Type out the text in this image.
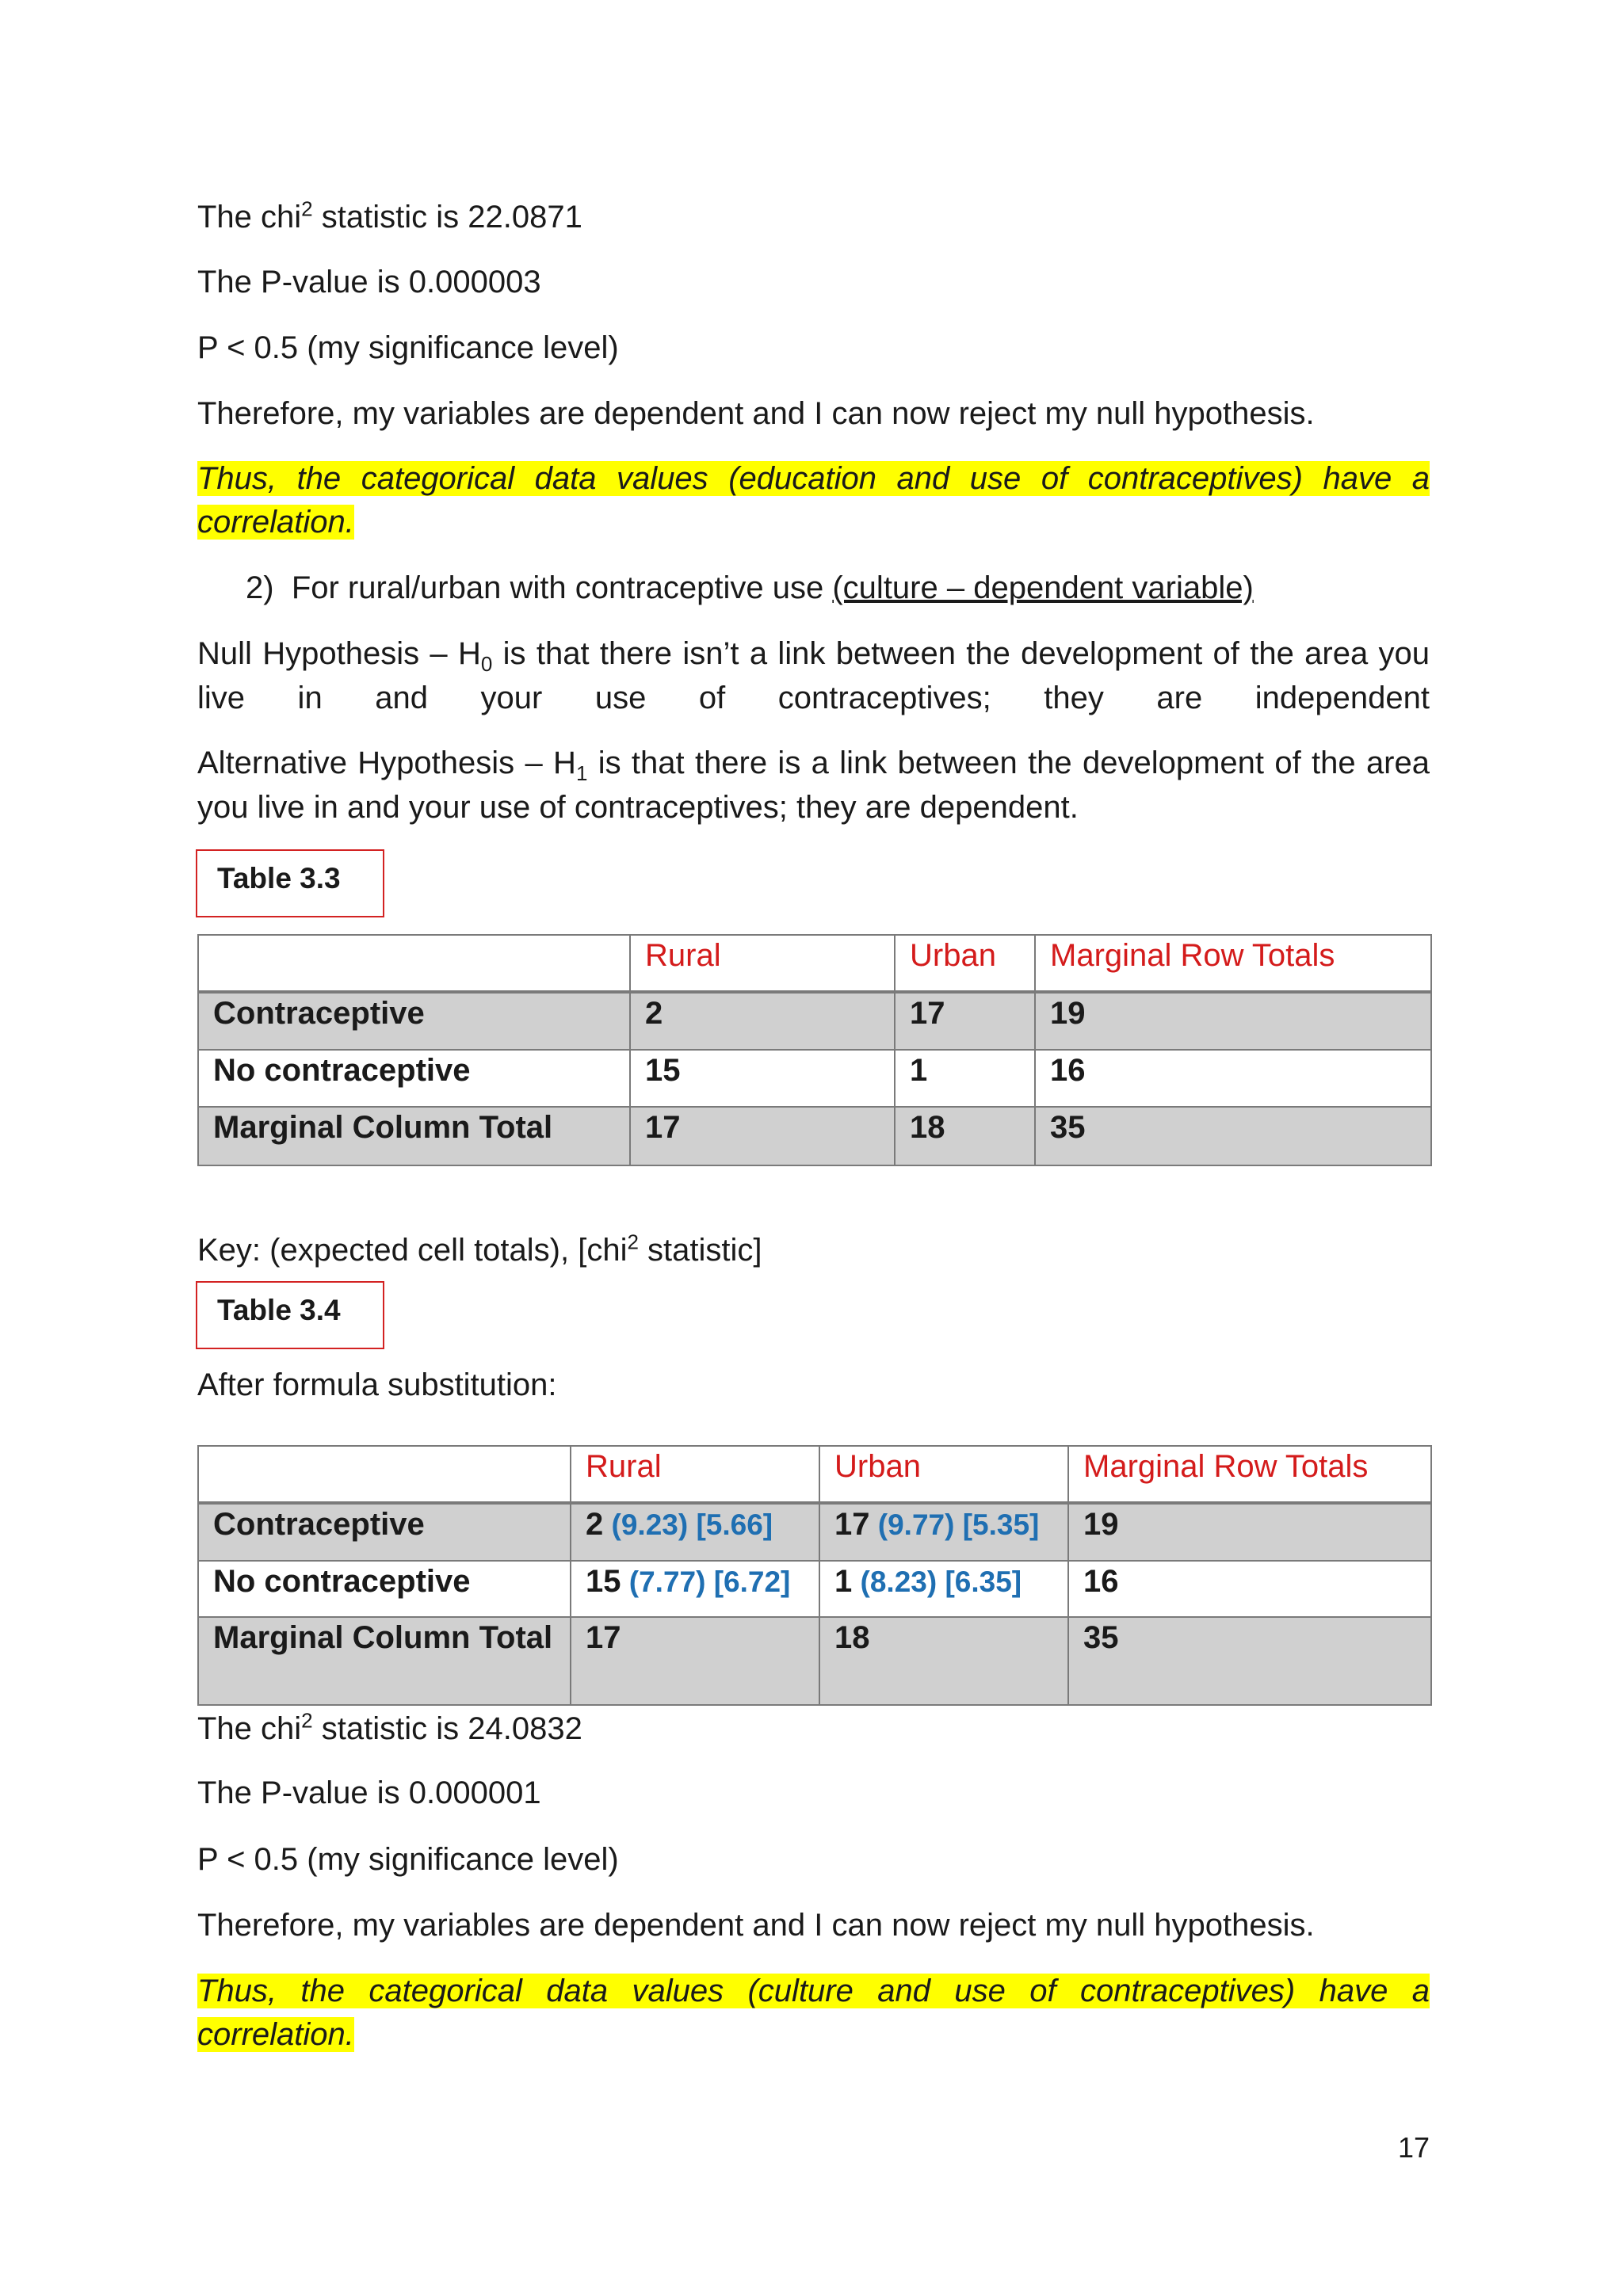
The chi$^2$ statistic is 22.0871

The P-value is 0.000003

P < 0.5 (my significance level)

Therefore, my variables are dependent and I can now reject my null hypothesis.

Thus, the categorical data values (education and use of contraceptives) have a

correlation.

2) For rural/urban with contraceptive use (culture – dependent variable)

Null Hypothesis – $H_0$ is that there isn’t a link between the development of the area you live in and your use of contraceptives; they are independent

Alternative Hypothesis – $H_1$ is that there is a link between the development of the area you live in and your use of contraceptives; they are dependent.

Table 3.3
	Rural	Urban	Marginal Row Totals
Contraceptive	2	17	19
No contraceptive	15	1	16
Marginal Column Total	17	18	35

Key: (expected cell totals), [chi$^2$ statistic]

Table 3.4

After formula substitution:

	Rural	Urban	Marginal Row Totals
Contraceptive	2 (9.23) [5.66]	17 (9.77) [5.35]	19
No contraceptive	15 (7.77) [6.72]	1 (8.23) [6.35]	16
Marginal Column Total	17	18	35

The chi$^2$ statistic is 24.0832

The P-value is 0.000001

P < 0.5 (my significance level)

Therefore, my variables are dependent and I can now reject my null hypothesis.

Thus, the categorical data values (culture and use of contraceptives) have a

correlation.

17
